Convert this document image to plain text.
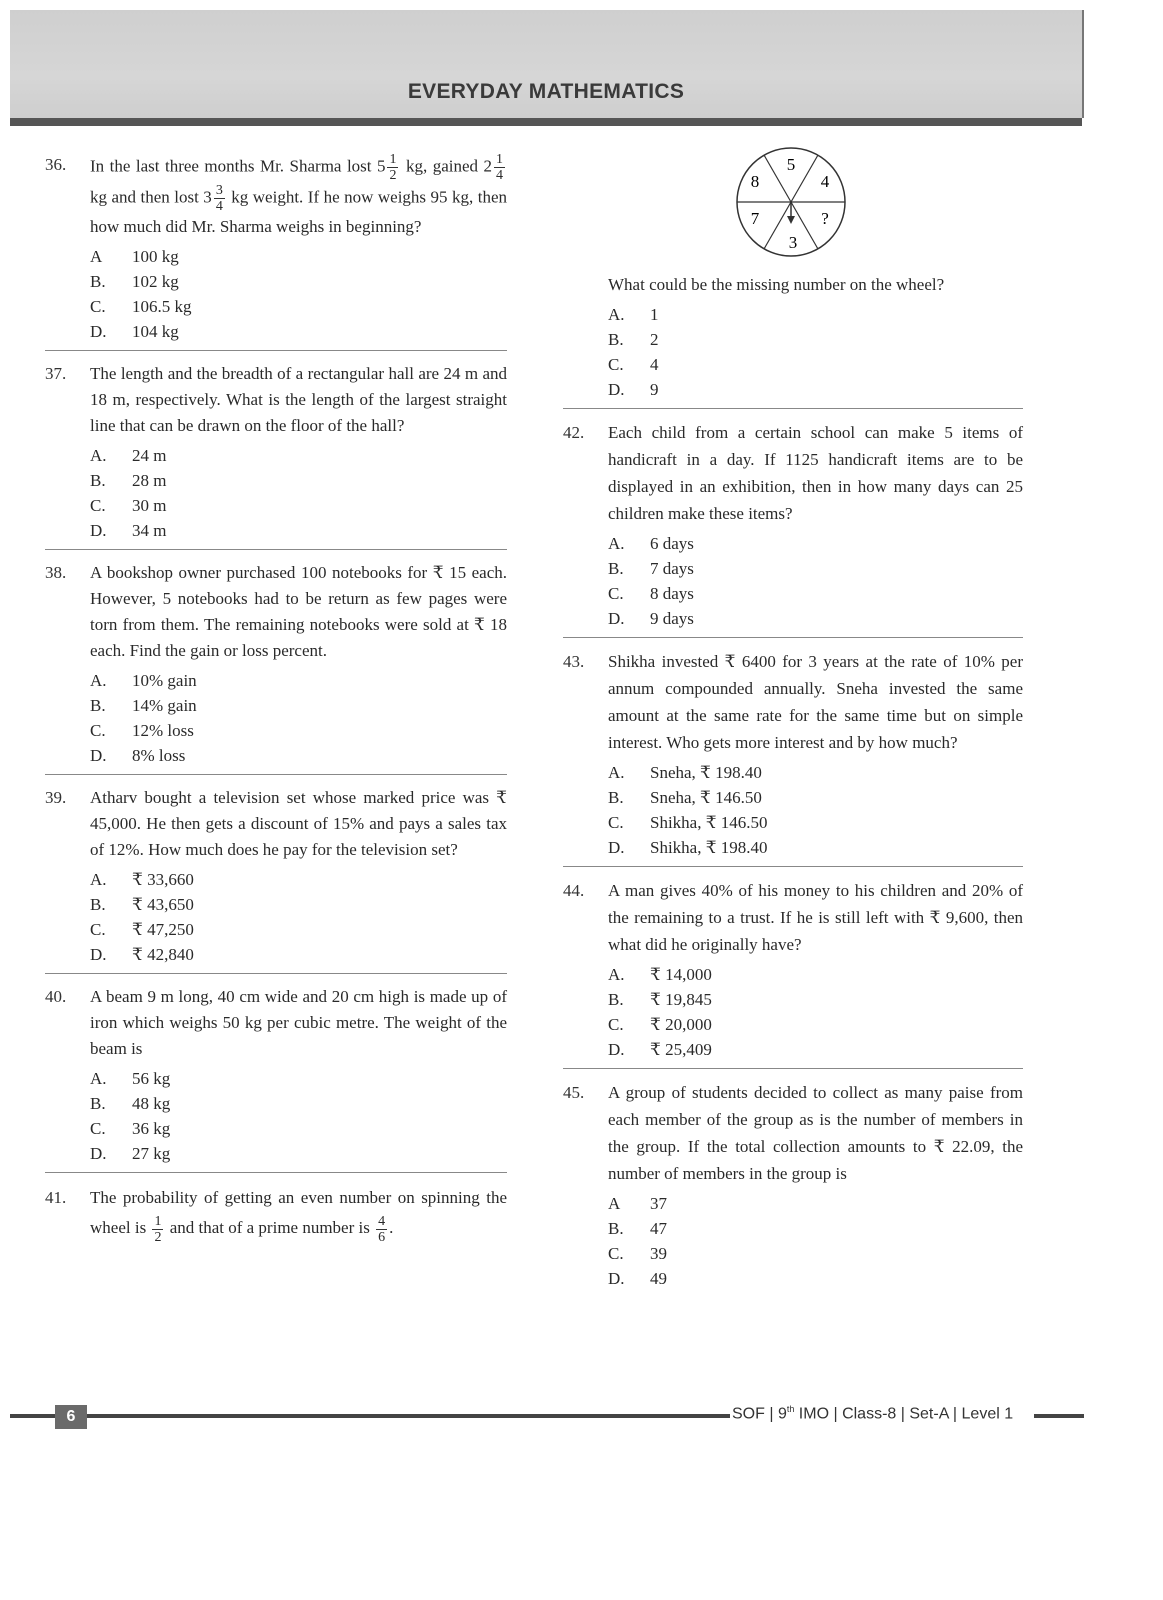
EVERYDAY MATHEMATICS
36.	In the last three months Mr. Sharma lost $5 \frac{1}{2}$ kg, gained $2 \frac{1}{4}$
kg and then lost $3 \frac{3}{4}$ kg weight. If he now weighs 95 kg, then how much did Mr. Sharma weighs in beginning?
A	100 kg
B.	102 kg
C.	106.5 kg
D.	104 kg
37.	The length and the breadth of a rectangular hall are 24 m and 18 m, respectively. What is the length of the largest straight line that can be drawn on the floor of the hall?
A.	24 m
B.	28 m
C.	30 m
D.	34 m
38.	A bookshop owner purchased 100 notebooks for ₹ 15 each. However, 5 notebooks had to be return as few pages were torn from them. The remaining notebooks were sold at ₹ 18 each. Find the gain or loss percent.
A.	10% gain
B.	14% gain
C.	12% loss
D.	8% loss
39.	Atharv bought a television set whose marked price was ₹ 45,000. He then gets a discount of 15% and pays a sales tax of 12%. How much does he pay for the television set?
A.	₹ 33,660
B.	₹ 43,650
C.	₹ 47,250
D.	₹ 42,840
40.	A beam 9 m long, 40 cm wide and 20 cm high is made up of iron which weighs 50 kg per cubic metre. The weight of the beam is
A.	56 kg
B.	48 kg
C.	36 kg
D.	27 kg
41.	The probability of getting an even number on spinning the wheel is $\frac{1}{2}$ and that of a prime number is $\frac{4}{6}$ .
5
4
?
3
7
8
What could be the missing number on the wheel?
A.	1
B.	2
C.	4
D.	9
42.	Each child from a certain school can make 5 items of handicraft in a day. If 1125 handicraft items are to be displayed in an exhibition, then in how many days can 25 children make these items?
A.	6 days
B.	7 days
C.	8 days
D.	9 days
43.	Shikha invested ₹ 6400 for 3 years at the rate of 10% per annum compounded annually. Sneha invested the same amount at the same rate for the same time but on simple interest. Who gets more interest and by how much?
A.	Sneha, ₹ 198.40
B.	Sneha, ₹ 146.50
C.	Shikha, ₹ 146.50
D.	Shikha, ₹ 198.40
44.	A man gives 40% of his money to his children and 20% of the remaining to a trust. If he is still left with ₹ 9,600, then what did he originally have?
A.	₹ 14,000
B.	₹ 19,845
C.	₹ 20,000
D.	₹ 25,409
45.	A group of students decided to collect as many paise from each member of the group as is the number of members in the group. If the total collection amounts to ₹ 22.09, the number of members in the group is
A	37
B.	47
C.	39
D.	49
6	SOF | 9th IMO | Class-8 | Set-A | Level 1
